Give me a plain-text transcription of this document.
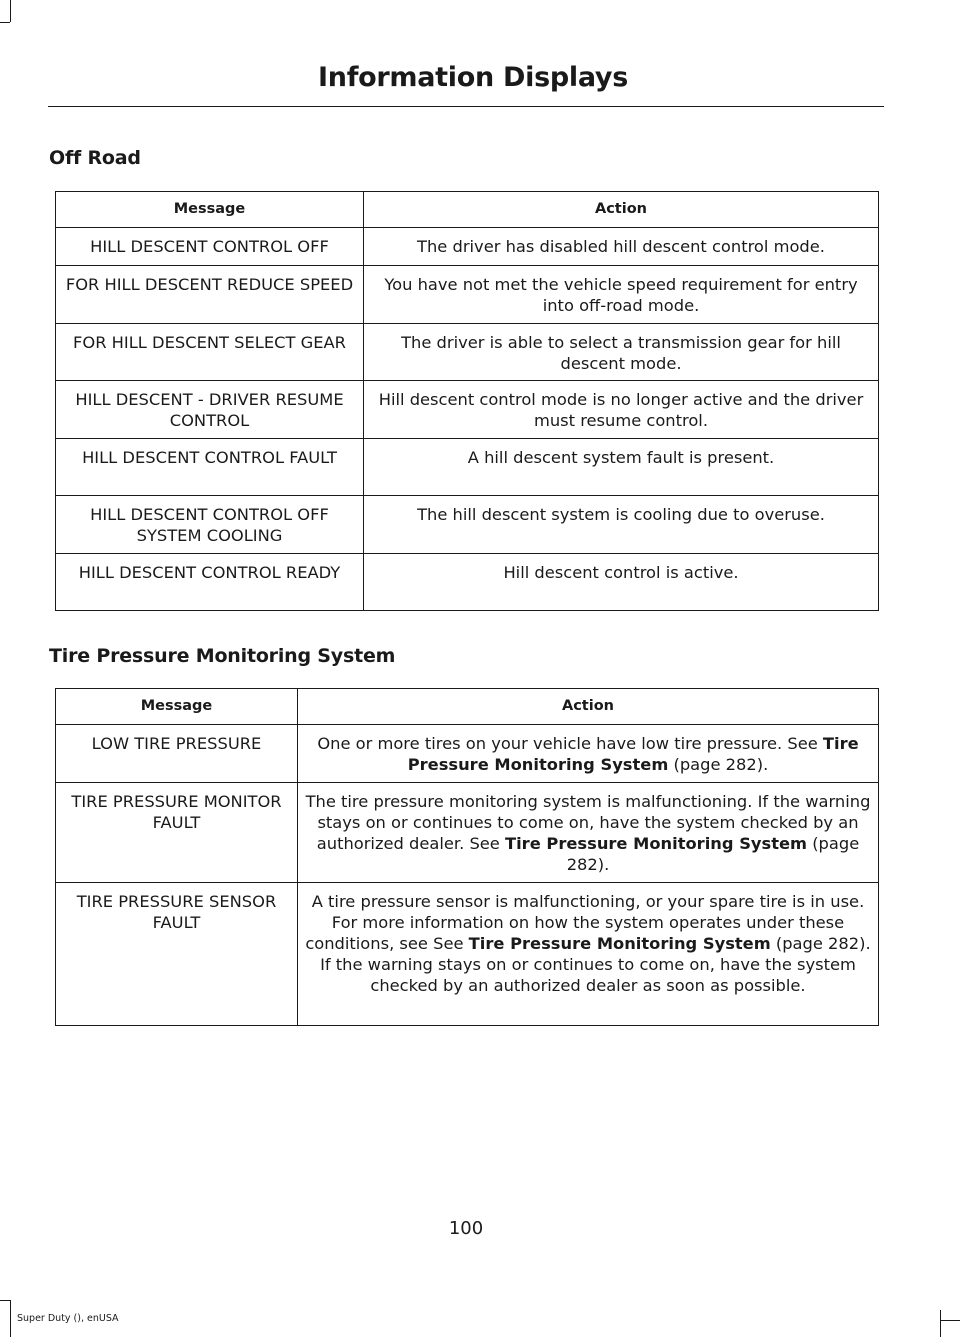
Information Displays
Off Road
Message	Action
HILL DESCENT CONTROL OFF	The driver has disabled hill descent control mode.
FOR HILL DESCENT REDUCE SPEED	You have not met the vehicle speed requirement for entry into off-road mode.
FOR HILL DESCENT SELECT GEAR	The driver is able to select a transmission gear for hill descent mode.
HILL DESCENT - DRIVER RESUME CONTROL	Hill descent control mode is no longer active and the driver must resume control.
HILL DESCENT CONTROL FAULT	A hill descent system fault is present.
HILL DESCENT CONTROL OFF SYSTEM COOLING	The hill descent system is cooling due to overuse.
HILL DESCENT CONTROL READY	Hill descent control is active.
Tire Pressure Monitoring System
Message	Action
LOW TIRE PRESSURE	One or more tires on your vehicle have low tire pressure. See Tire Pressure Monitoring System (page 282).
TIRE PRESSURE MONITOR FAULT	The tire pressure monitoring system is malfunctioning. If the warning stays on or continues to come on, have the system checked by an authorized dealer. See Tire Pressure Monitoring System (page 282).
TIRE PRESSURE SENSOR FAULT	A tire pressure sensor is malfunctioning, or your spare tire is in use. For more information on how the system operates under these conditions, see See Tire Pressure Monitoring System (page 282). If the warning stays on or continues to come on, have the system checked by an authorized dealer as soon as possible.
100
Super Duty (), enUSA
